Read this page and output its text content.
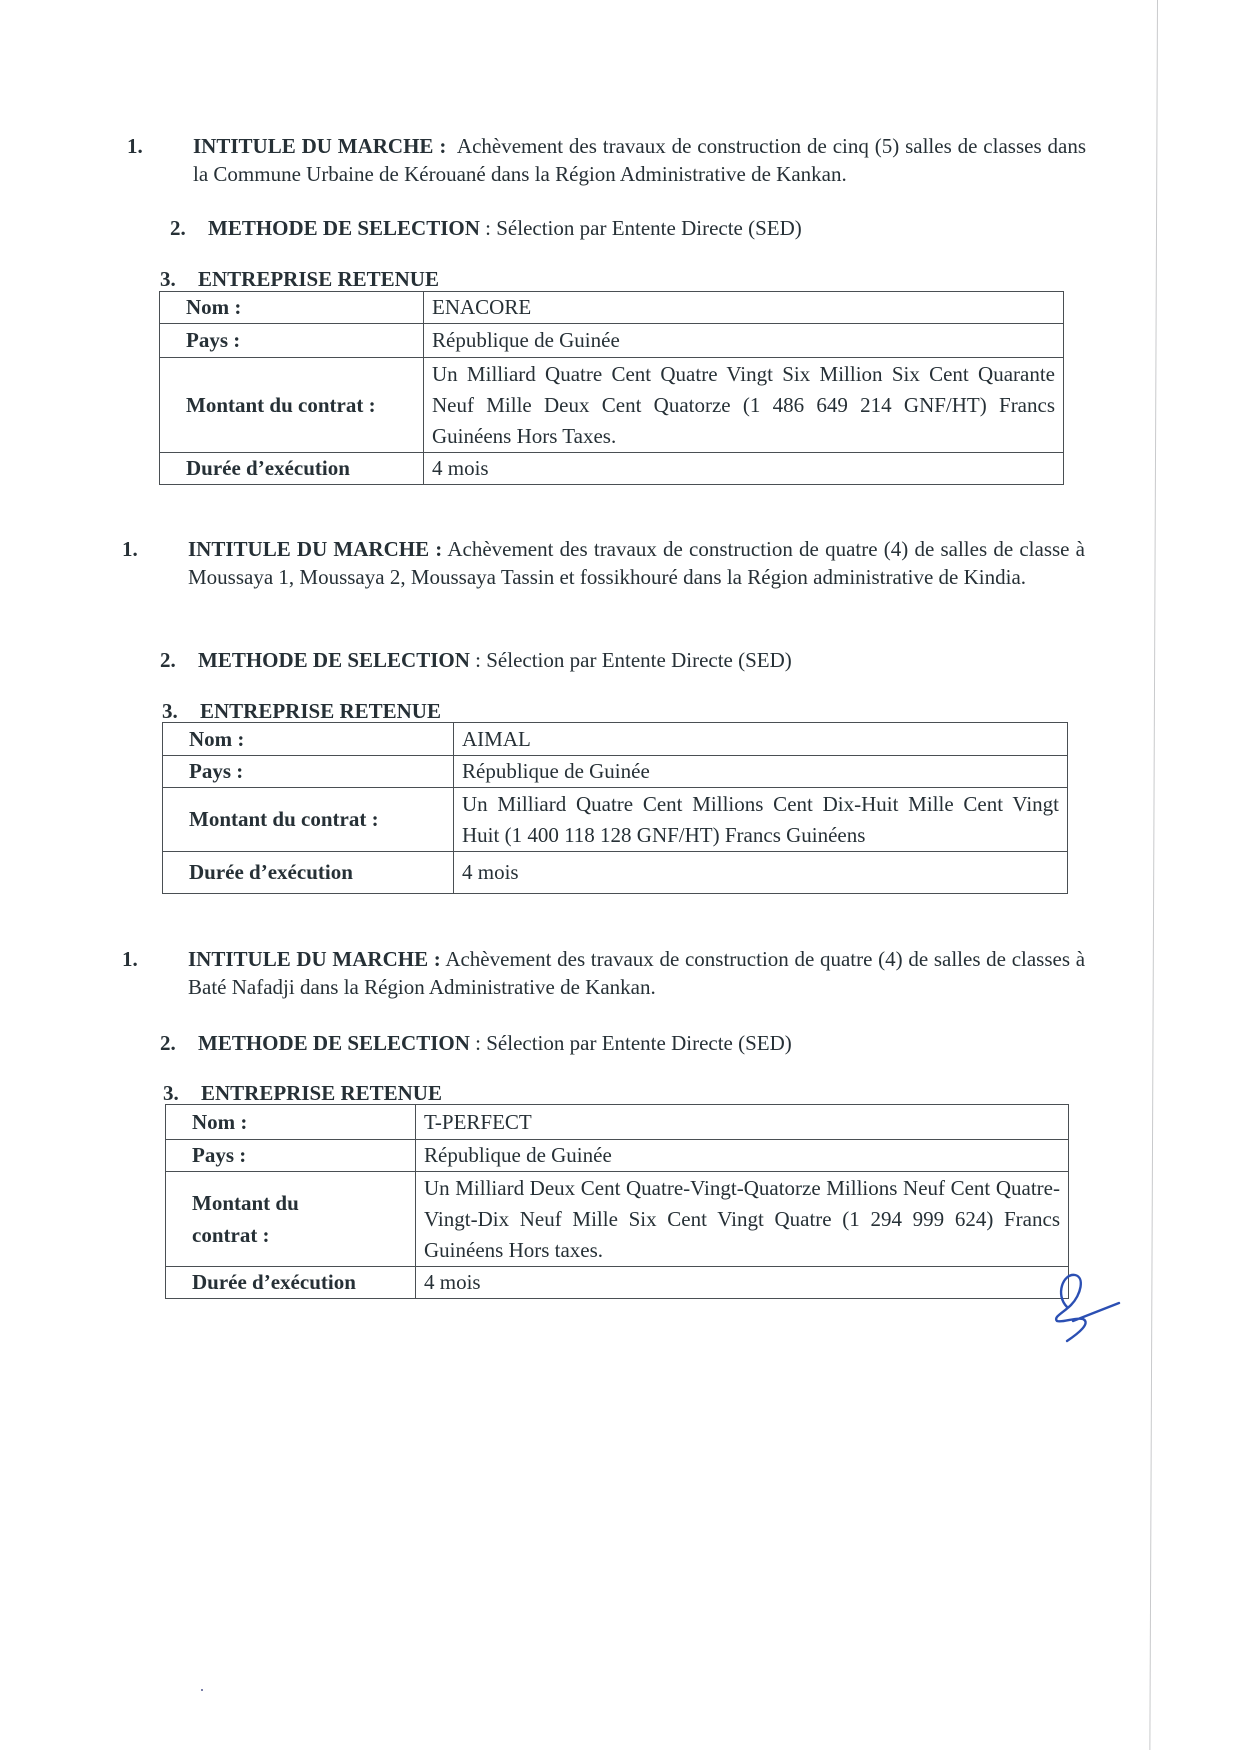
1. INTITULE DU MARCHE : Achèvement des travaux de construction de cinq (5) salles de classes dans la Commune Urbaine de Kérouané dans la Région Administrative de Kankan.
2. METHODE DE SELECTION : Sélection par Entente Directe (SED)
3. ENTREPRISE RETENUE
Nom :	ENACORE
Pays :	République de Guinée
Montant du contrat :	Un Milliard Quatre Cent Quatre Vingt Six Million Six Cent Quarante Neuf Mille Deux Cent Quatorze (1 486 649 214 GNF/HT) Francs Guinéens Hors Taxes.
Durée d’exécution	4 mois
1. INTITULE DU MARCHE : Achèvement des travaux de construction de quatre (4) de salles de classe à Moussaya 1, Moussaya 2, Moussaya Tassin et fossikhouré dans la Région administrative de Kindia.
2. METHODE DE SELECTION : Sélection par Entente Directe (SED)
3. ENTREPRISE RETENUE
Nom :	AIMAL
Pays :	République de Guinée
Montant du contrat :	Un Milliard Quatre Cent Millions Cent Dix-Huit Mille Cent Vingt Huit (1 400 118 128 GNF/HT) Francs Guinéens
Durée d’exécution	4 mois
1. INTITULE DU MARCHE : Achèvement des travaux de construction de quatre (4) de salles de classes à Baté Nafadji dans la Région Administrative de Kankan.
2. METHODE DE SELECTION : Sélection par Entente Directe (SED)
3. ENTREPRISE RETENUE
Nom :	T-PERFECT
Pays :	République de Guinée
Montant du contrat :	Un Milliard Deux Cent Quatre-Vingt-Quatorze Millions Neuf Cent Quatre-Vingt-Dix Neuf Mille Six Cent Vingt Quatre (1 294 999 624) Francs Guinéens Hors taxes.
Durée d’exécution	4 mois
